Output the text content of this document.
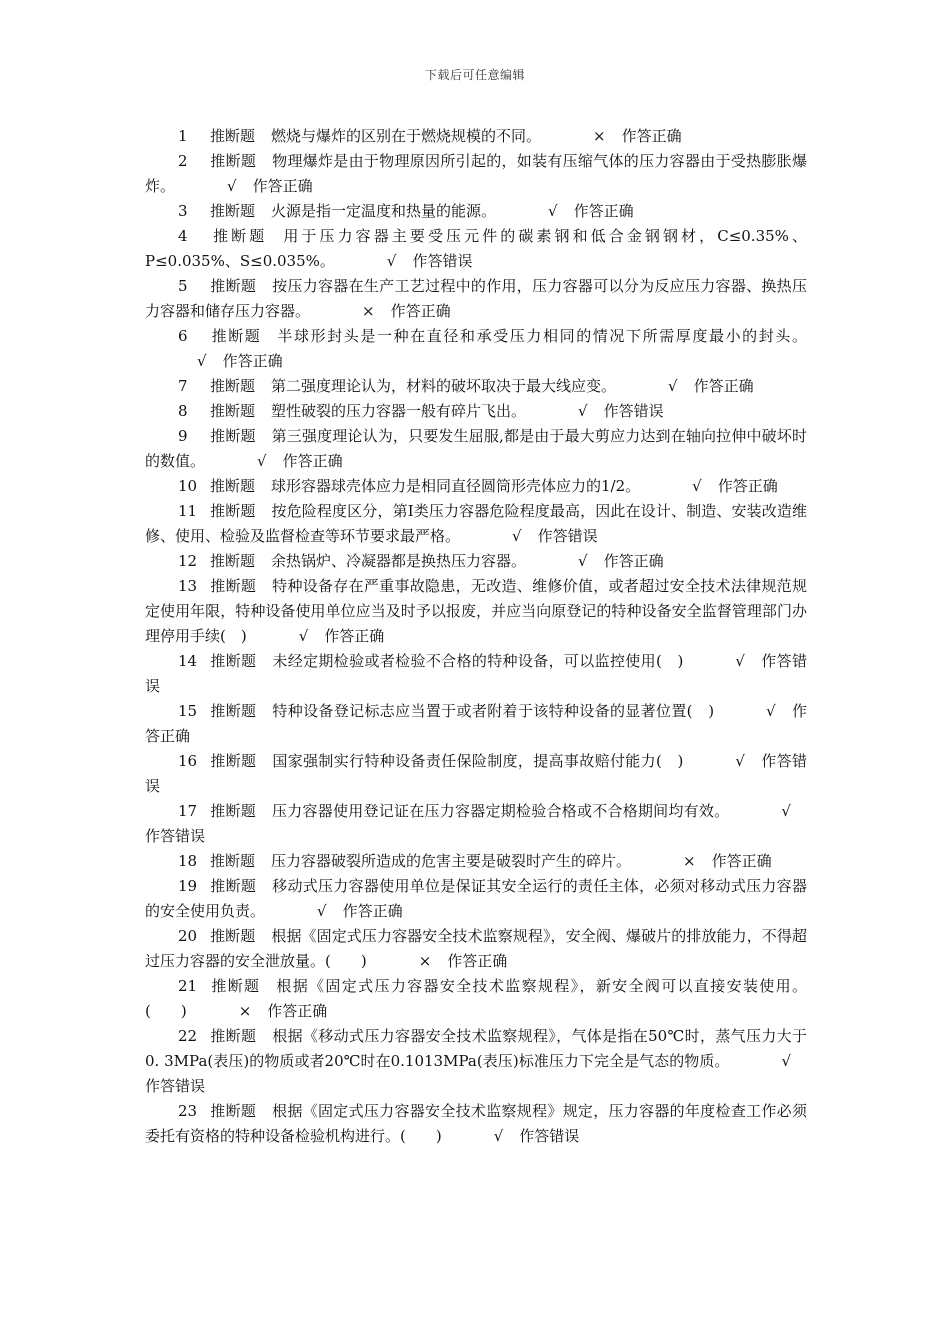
下载后可任意编辑

1 推断题 燃烧与爆炸的区别在于燃烧规模的不同。	× 作答正确

2 推断题 物理爆炸是由于物理原因所引起的，如装有压缩气体的压力容器由于受热膨胀爆炸。	√ 作答正确

3 推断题 火源是指一定温度和热量的能源。	√ 作答正确

4 推断题 用于压力容器主要受压元件的碳素钢和低合金钢钢材，C≤0.35%、P≤0.035%、S≤0.035%。	√ 作答错误

5 推断题 按压力容器在生产工艺过程中的作用，压力容器可以分为反应压力容器、换热压力容器和储存压力容器。	× 作答正确

6 推断题 半球形封头是一种在直径和承受压力相同的情况下所需厚度最小的封头。√ 作答正确

7 推断题 第二强度理论认为，材料的破坏取决于最大线应变。	√ 作答正确

8 推断题 塑性破裂的压力容器一般有碎片飞出。	√ 作答错误

9 推断题 第三强度理论认为，只要发生屈服,都是由于最大剪应力达到在轴向拉伸中破坏时的数值。	√ 作答正确

10 推断题 球形容器球壳体应力是相同直径圆筒形壳体应力的1/2。	√ 作答正确

11 推断题 按危险程度区分，第I类压力容器危险程度最高，因此在设计、制造、安装改造维修、使用、检验及监督检查等环节要求最严格。	√ 作答错误

12 推断题 余热锅炉、冷凝器都是换热压力容器。	√ 作答正确

13 推断题 特种设备存在严重事故隐患，无改造、维修价值，或者超过安全技术法律规范规定使用年限，特种设备使用单位应当及时予以报废，并应当向原登记的特种设备安全监督管理部门办理停用手续(　)	√ 作答正确

14 推断题 未经定期检验或者检验不合格的特种设备，可以监控使用(　)	√ 作答错误

15 推断题 特种设备登记标志应当置于或者附着于该特种设备的显著位置(　)	√ 作答正确

16 推断题 国家强制实行特种设备责任保险制度，提高事故赔付能力(　)	√ 作答错误

17 推断题 压力容器使用登记证在压力容器定期检验合格或不合格期间均有效。	√作答错误

18 推断题 压力容器破裂所造成的危害主要是破裂时产生的碎片。	× 作答正确

19 推断题 移动式压力容器使用单位是保证其安全运行的责任主体，必须对移动式压力容器的安全使用负责。	√ 作答正确

20 推断题 根据《固定式压力容器安全技术监察规程》，安全阀、爆破片的排放能力，不得超过压力容器的安全泄放量。(　　)	× 作答正确

21 推断题 根据《固定式压力容器安全技术监察规程》，新安全阀可以直接安装使用。(　　)	× 作答正确

22 推断题 根据《移动式压力容器安全技术监察规程》，气体是指在50℃时，蒸气压力大于0. 3MPa(表压)的物质或者20℃时在0.1013MPa(表压)标准压力下完全是气态的物质。	√作答错误

23 推断题 根据《固定式压力容器安全技术监察规程》规定，压力容器的年度检查工作必须委托有资格的特种设备检验机构进行。(　　)	√ 作答错误
